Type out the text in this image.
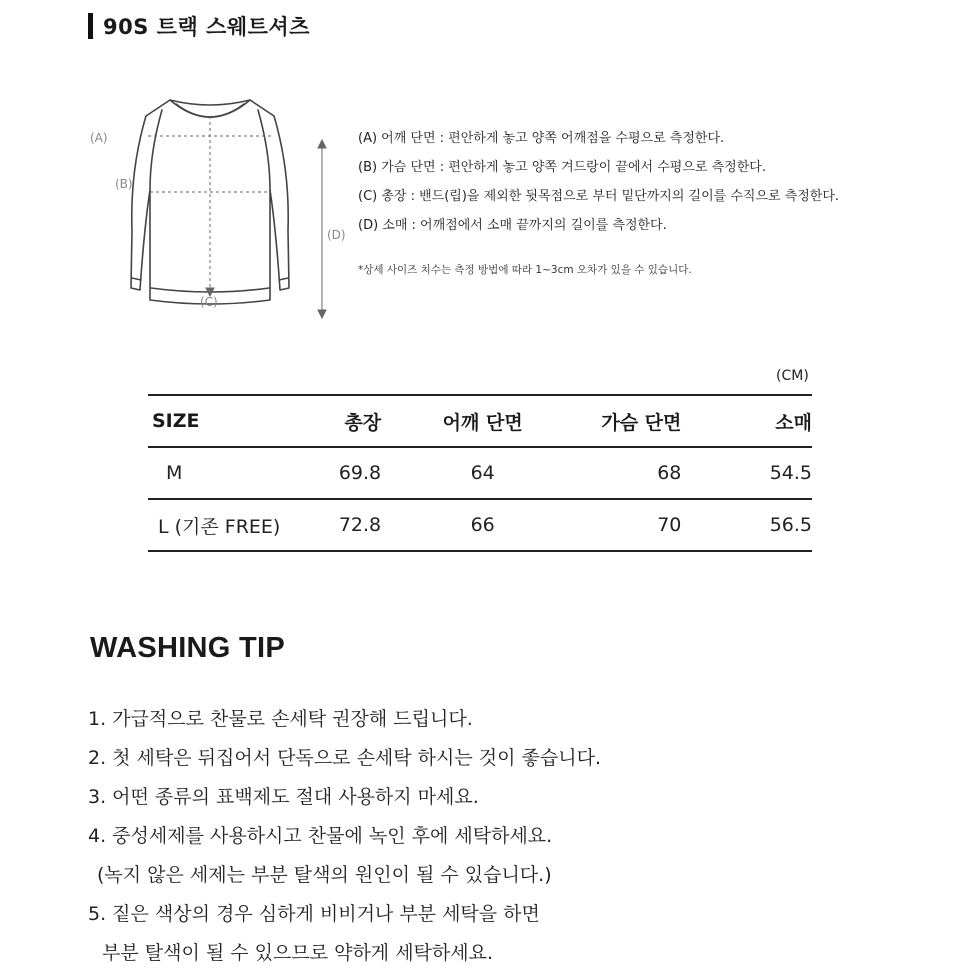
90S 트랙 스웨트셔츠
(A)
(B)
(C)
(D)
(A) 어깨 단면 : 편안하게 놓고 양쪽 어깨점을 수평으로 측정한다.
(B) 가슴 단면 : 편안하게 놓고 양쪽 겨드랑이 끝에서 수평으로 측정한다.
(C) 총장 : 밴드(립)을 제외한 뒷목점으로 부터 밑단까지의 길이를 수직으로 측정한다.
(D) 소매 : 어깨점에서 소매 끝까지의 길이를 측정한다.
*상세 사이즈 치수는 측정 방법에 따라 1~3cm 오차가 있을 수 있습니다.
(CM)
SIZE	총장	어깨 단면	가슴 단면	소매
M	69.8	64	68	54.5
L (기존 FREE)	72.8	66	70	56.5
WASHING TIP
1. 가급적으로 찬물로 손세탁 권장해 드립니다.
2. 첫 세탁은 뒤집어서 단독으로 손세탁 하시는 것이 좋습니다.
3. 어떤 종류의 표백제도 절대 사용하지 마세요.
4. 중성세제를 사용하시고 찬물에 녹인 후에 세탁하세요.
(녹지 않은 세제는 부분 탈색의 원인이 될 수 있습니다.)
5. 짙은 색상의 경우 심하게 비비거나 부분 세탁을 하면
부분 탈색이 될 수 있으므로 약하게 세탁하세요.
